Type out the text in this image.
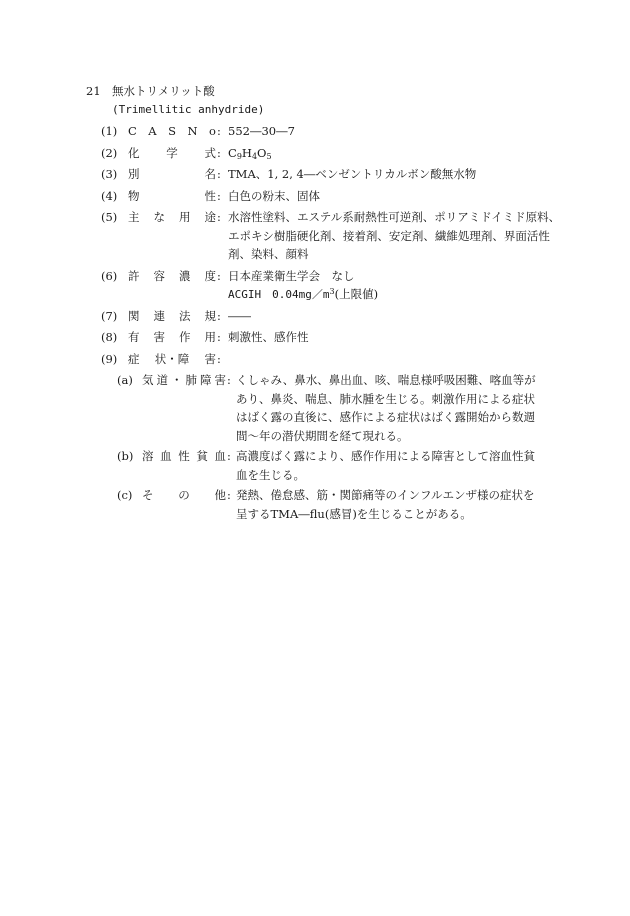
21 無水トリメリット酸
(Trimellitic anhydride)
(1) C A S N o : 552―30―7
(2) 化 学 式 : $C_9H_4O_5$
(3) 別	名 : TMA、1, 2, 4―ベンゼントリカルボン酸無水物
(4) 物	性 : 白色の粉末、固体
(5) 主 な 用 途 : 水溶性塗料、エステル系耐熱性可逆剤、ポリアミドイミド原料、
エポキシ樹脂硬化剤、接着剤、安定剤、繊維処理剤、界面活性
剤、染料、顔料
(6) 許 容 濃 度 : 日本産業衛生学会　なし
ACGIH　$0.04mg/m^3$(上限値)
(7) 関 連 法 規 : ――
(8) 有 害 作 用 : 刺激性、感作性
(9) 症 状・障 害 :
(a) 気 道 ・ 肺 障 害 : くしゃみ、鼻水、鼻出血、咳、喘息様呼吸困難、喀血等が
あり、鼻炎、喘息、肺水腫を生じる。刺激作用による症状
はばく露の直後に、感作による症状はばく露開始から数週
間～年の潜伏期間を経て現れる。
(b) 溶 血 性 貧 血 : 高濃度ばく露により、感作作用による障害として溶血性貧
血を生じる。
(c) そ の 他 : 発熱、倦怠感、筋・関節痛等のインフルエンザ様の症状を
呈するTMA―flu(感冒)を生じることがある。
